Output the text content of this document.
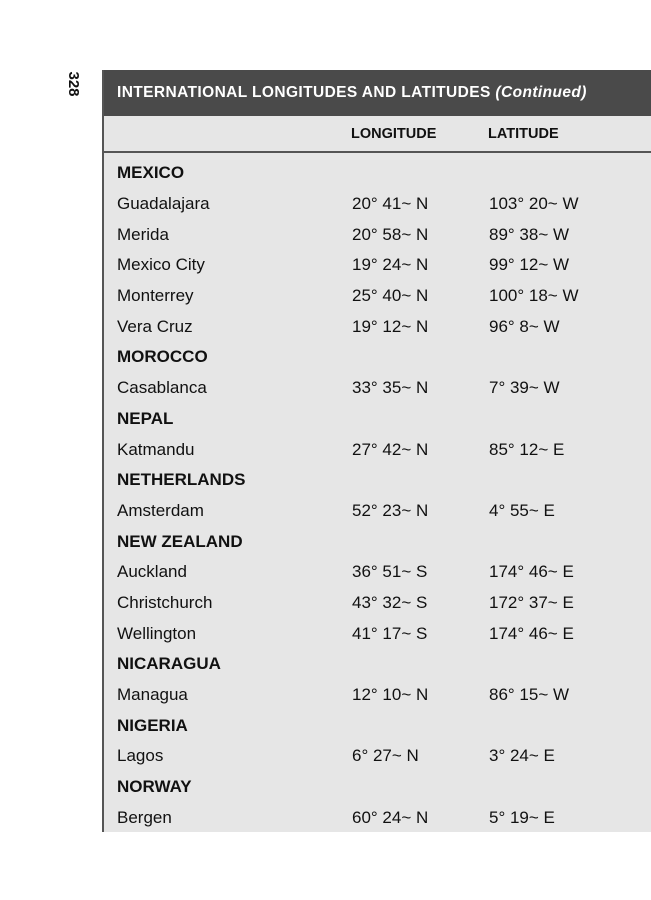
328	INTERNATIONAL LONGITUDES AND LATITUDES
(Continued)
LONGITUDE	LATITUDE
MEXICO
Guadalajara	20° 41~ N	103° 20~ W
Merida	20° 58~ N	89° 38~ W
Mexico City	19° 24~ N	99° 12~ W
Monterrey	25° 40~ N	100° 18~ W
Vera Cruz	19° 12~ N	96° 8~ W
MOROCCO
Casablanca	33° 35~ N	7° 39~ W
NEPAL
Katmandu	27° 42~ N	85° 12~ E
NETHERLANDS
Amsterdam	52° 23~ N	4° 55~ E
NEW ZEALAND
Auckland	36° 51~ S	174° 46~ E
Christchurch	43° 32~ S	172° 37~ E
Wellington	41° 17~ S	174° 46~ E
NICARAGUA
Managua	12° 10~ N	86° 15~ W
NIGERIA
Lagos	6° 27~ N	3° 24~ E
NORWAY
Bergen	60° 24~ N	5° 19~ E
